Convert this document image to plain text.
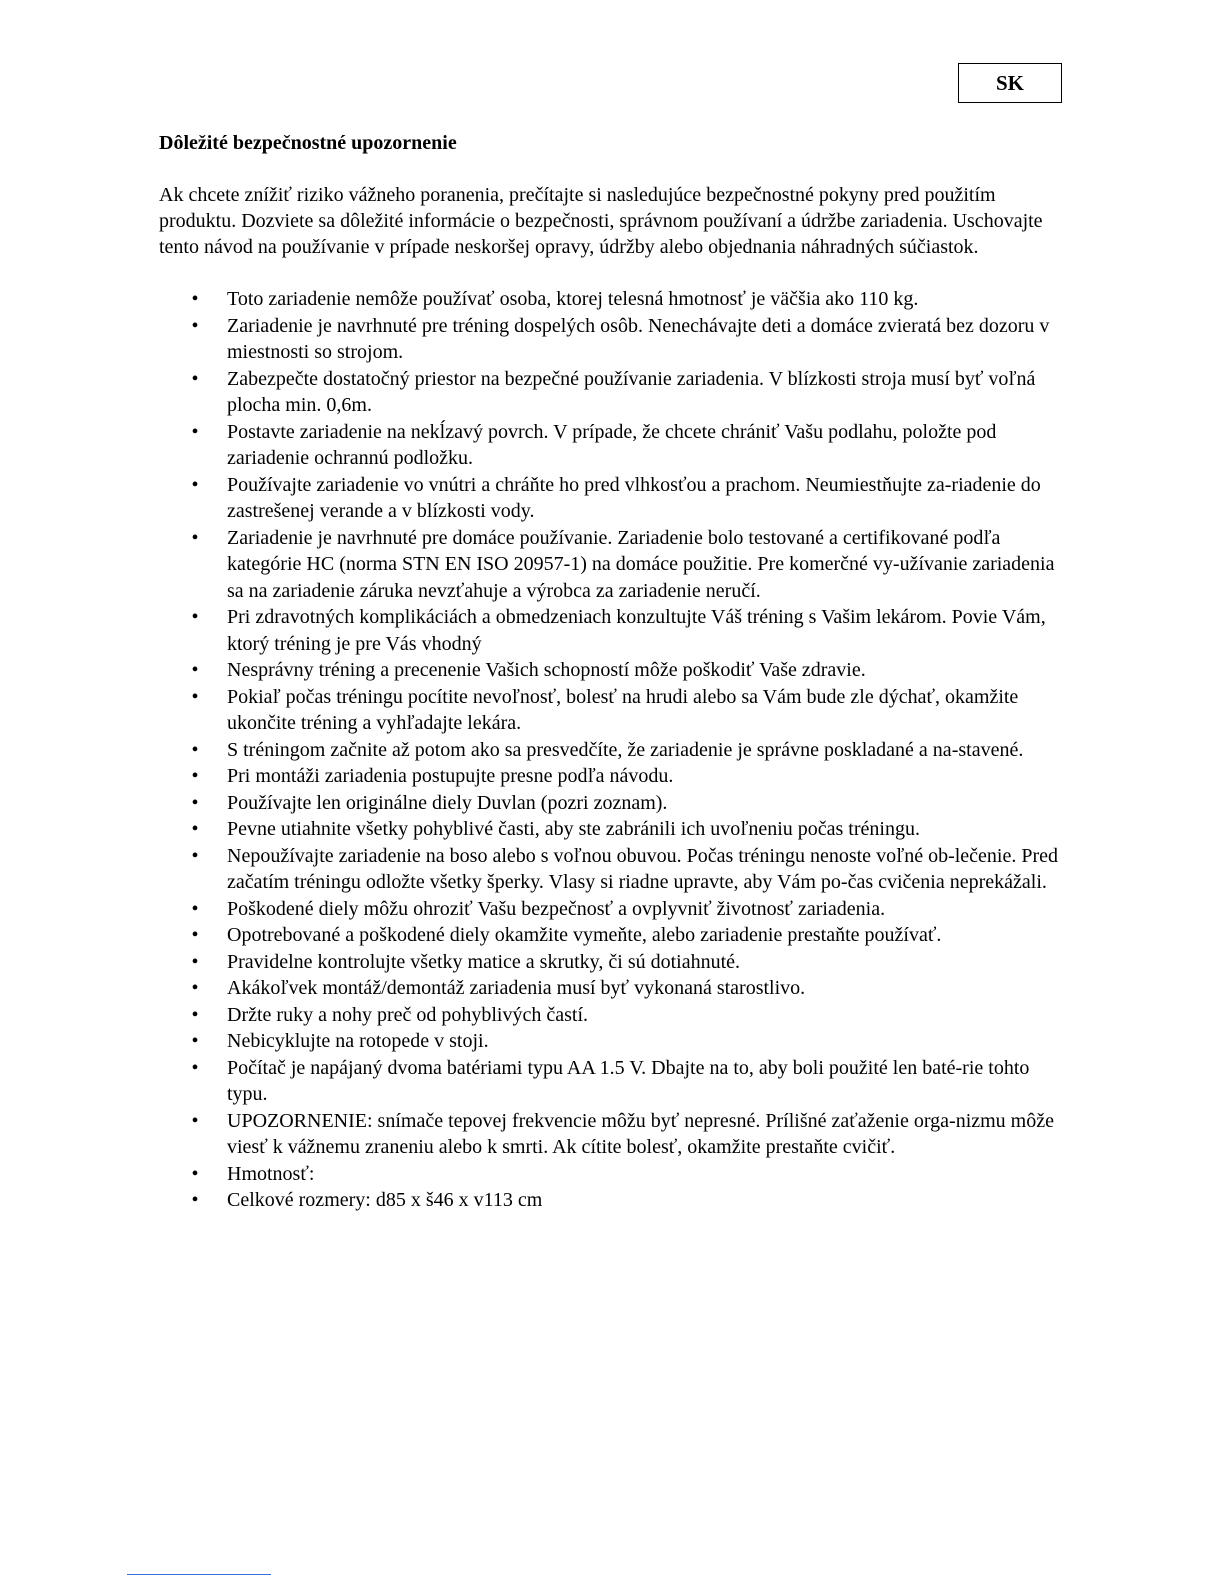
SK
Dôležité bezpečnostné upozornenie

Ak chcete znížiť riziko vážneho poranenia, prečítajte si nasledujúce bezpečnostné pokyny pred použitím produktu. Dozviete sa dôležité informácie o bezpečnosti, správnom používaní a údržbe zariadenia. Uschovajte tento návod na používanie v prípade neskoršej opravy, údržby alebo objednania náhradných súčiastok.

• Toto zariadenie nemôže používať osoba, ktorej telesná hmotnosť je väčšia ako 110 kg.
• Zariadenie je navrhnuté pre tréning dospelých osôb. Nenechávajte deti a domáce zvieratá bez dozoru v miestnosti so strojom.
• Zabezpečte dostatočný priestor na bezpečné používanie zariadenia. V blízkosti stroja musí byť voľná plocha min. 0,6m.
• Postavte zariadenie na nekĺzavý povrch. V prípade, že chcete chrániť Vašu podlahu, položte pod zariadenie ochrannú podložku.
• Používajte zariadenie vo vnútri a chráňte ho pred vlhkosťou a prachom. Neumiestňujte za-riadenie do zastrešenej verande a v blízkosti vody.
• Zariadenie je navrhnuté pre domáce používanie. Zariadenie bolo testované a certifikované podľa kategórie HC (norma STN EN ISO 20957-1) na domáce použitie. Pre komerčné vy-užívanie zariadenia sa na zariadenie záruka nevzťahuje a výrobca za zariadenie neručí.
• Pri zdravotných komplikáciách a obmedzeniach konzultujte Váš tréning s Vašim lekárom. Povie Vám, ktorý tréning je pre Vás vhodný
• Nesprávny tréning a precenenie Vašich schopností môže poškodiť Vaše zdravie.
• Pokiaľ počas tréningu pocítite nevoľnosť, bolesť na hrudi alebo sa Vám bude zle dýchať, okamžite ukončite tréning a vyhľadajte lekára.
• S tréningom začnite až potom ako sa presvedčíte, že zariadenie je správne poskladané a na-stavené.
• Pri montáži zariadenia postupujte presne podľa návodu.
• Používajte len originálne diely Duvlan (pozri zoznam).
• Pevne utiahnite všetky pohyblivé časti, aby ste zabránili ich uvoľneniu počas tréningu.
• Nepoužívajte zariadenie na boso alebo s voľnou obuvou. Počas tréningu nenoste voľné ob-lečenie. Pred začatím tréningu odložte všetky šperky. Vlasy si riadne upravte, aby Vám po-čas cvičenia neprekážali.
• Poškodené diely môžu ohroziť Vašu bezpečnosť a ovplyvniť životnosť zariadenia.
• Opotrebované a poškodené diely okamžite vymeňte, alebo zariadenie prestaňte používať.
• Pravidelne kontrolujte všetky matice a skrutky, či sú dotiahnuté.
• Akákoľvek montáž/demontáž zariadenia musí byť vykonaná starostlivo.
• Držte ruky a nohy preč od pohyblivých častí.
• Nebicyklujte na rotopede v stoji.
• Počítač je napájaný dvoma batériami typu AA 1.5 V. Dbajte na to, aby boli použité len baté-rie tohto typu.
• UPOZORNENIE: snímače tepovej frekvencie môžu byť nepresné. Prílišné zaťaženie orga-nizmu môže viesť k vážnemu zraneniu alebo k smrti. Ak cítite bolesť, okamžite prestaňte cvičiť.
• Hmotnosť:
• Celkové rozmery: d85 x š46 x v113 cm
